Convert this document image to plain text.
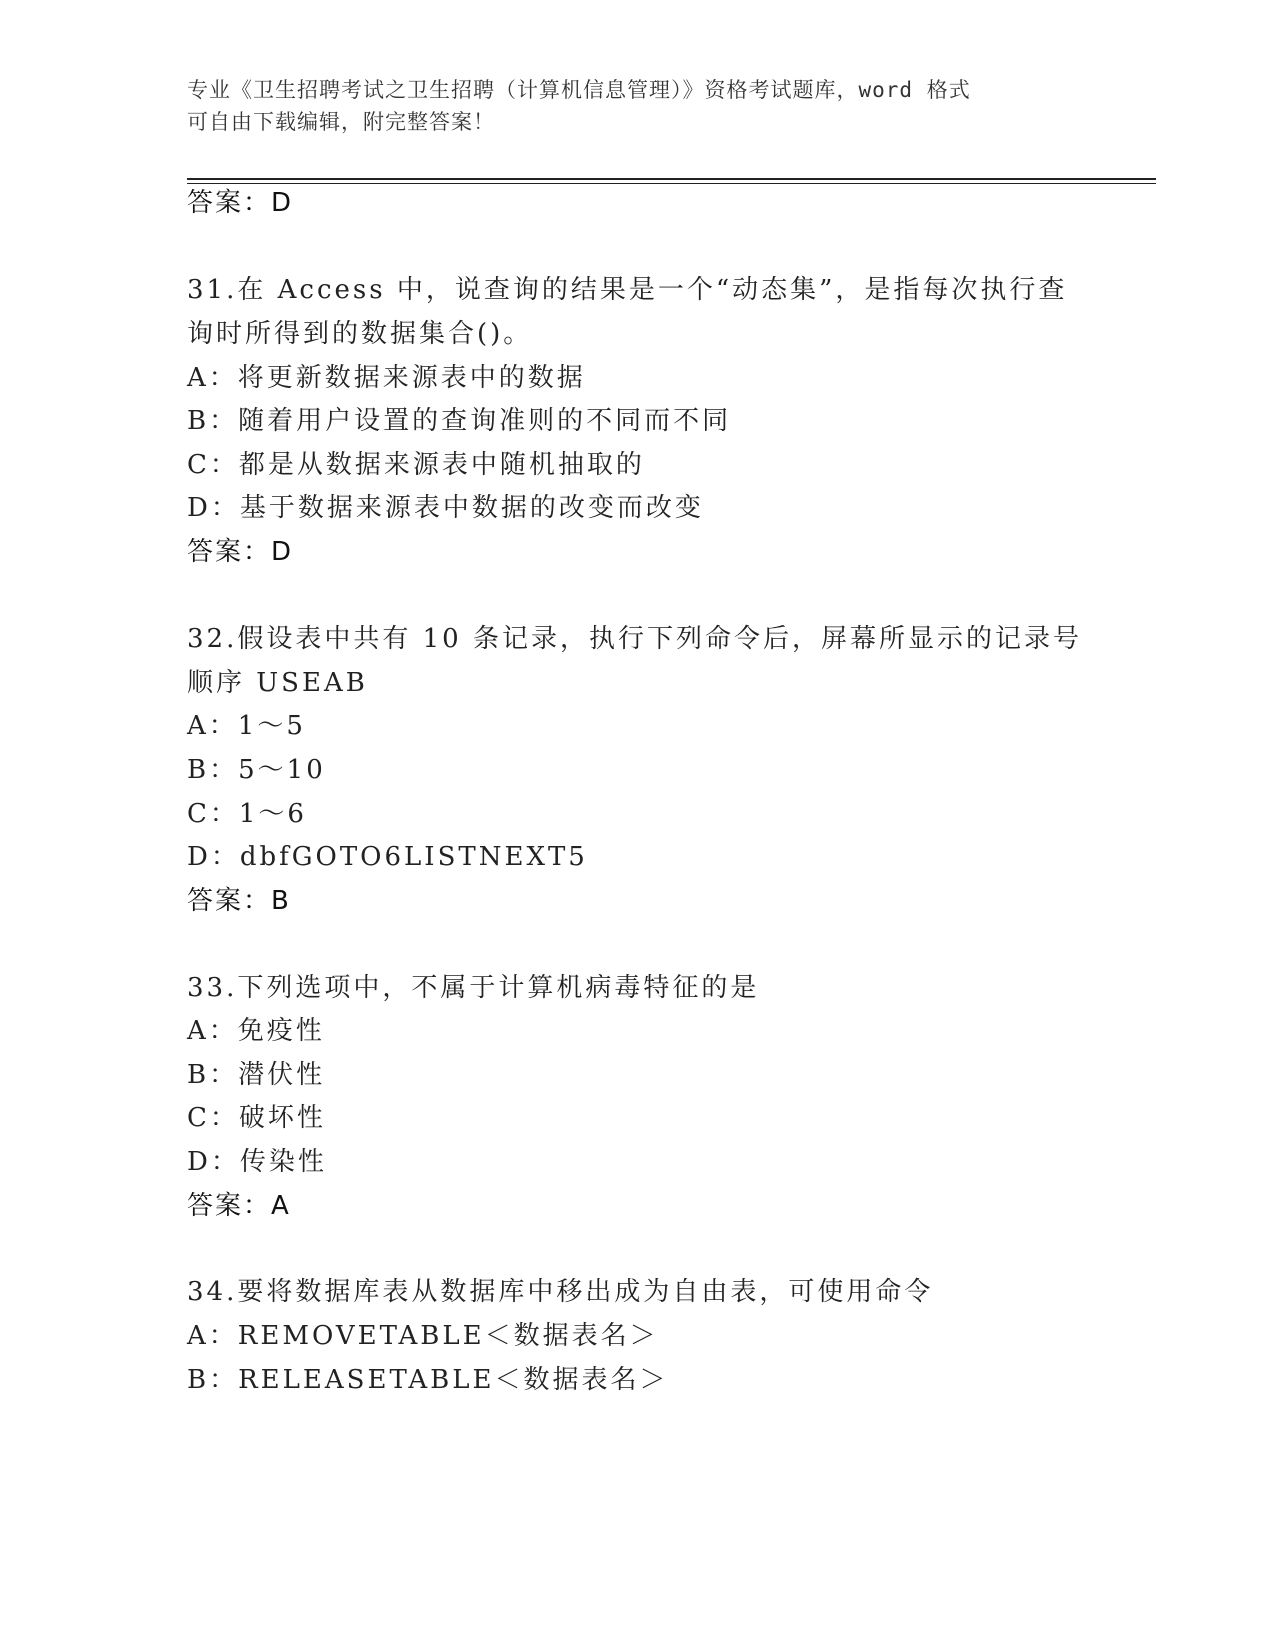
专业《卫生招聘考试之卫生招聘（计算机信息管理）》资格考试题库，word 格式
可自由下载编辑，附完整答案！
答案：D
31.在 Access 中，说查询的结果是一个“动态集”，是指每次执行查
询时所得到的数据集合()。
A：将更新数据来源表中的数据
B：随着用户设置的查询准则的不同而不同
C：都是从数据来源表中随机抽取的
D：基于数据来源表中数据的改变而改变
答案：D
32.假设表中共有 10 条记录，执行下列命令后，屏幕所显示的记录号
顺序 USEAB
A：1～5
B：5～10
C：1～6
D：dbfGOTO6LISTNEXT5
答案：B
33.下列选项中，不属于计算机病毒特征的是
A：免疫性
B：潜伏性
C：破坏性
D：传染性
答案：A
34.要将数据库表从数据库中移出成为自由表，可使用命令
A：REMOVETABLE＜数据表名＞
B：RELEASETABLE＜数据表名＞
